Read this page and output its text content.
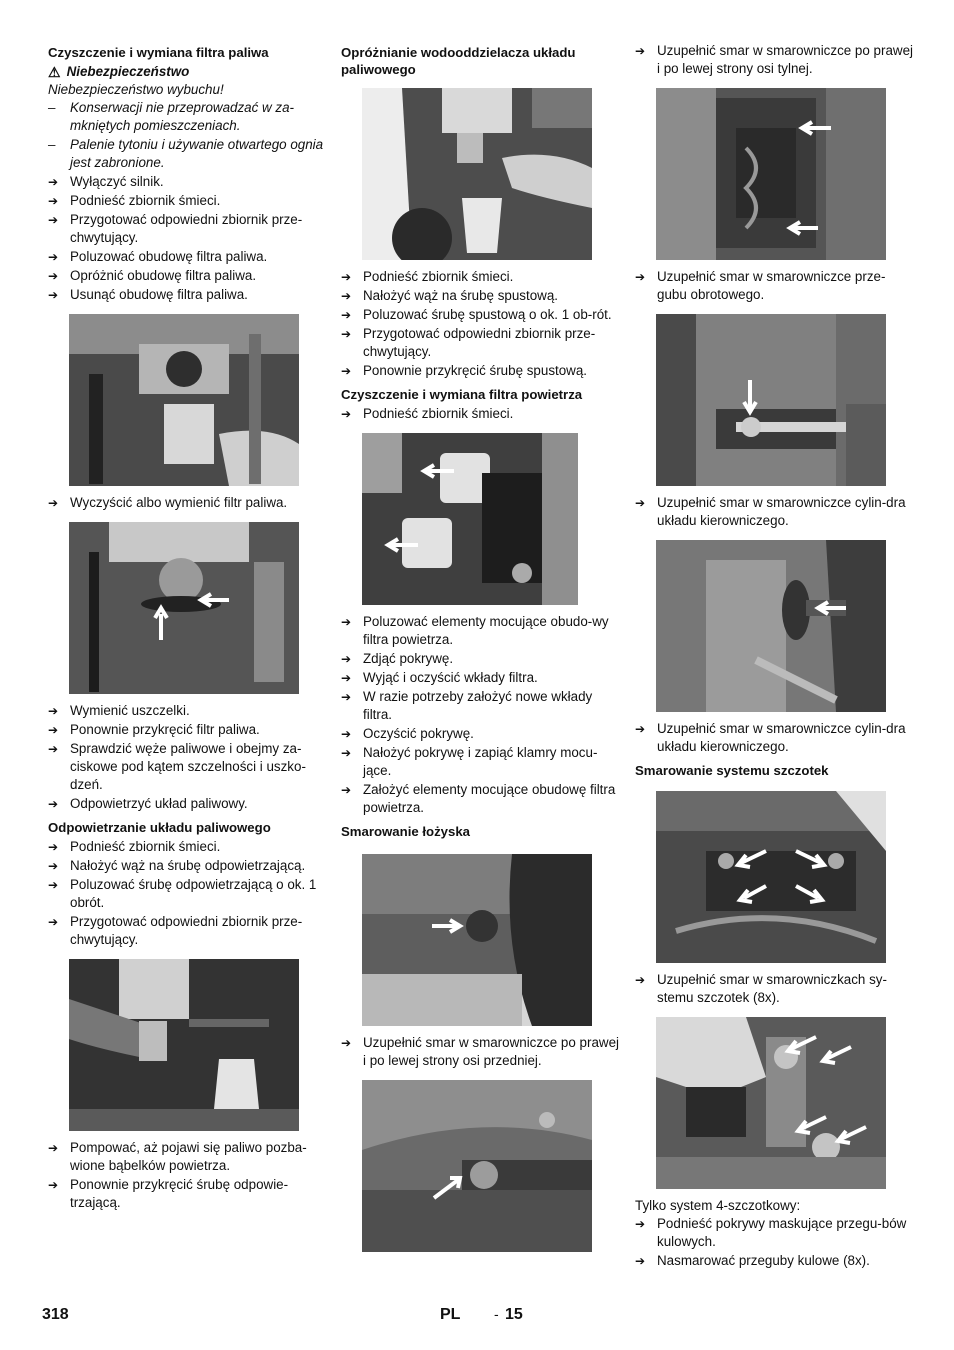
Czyszczenie i wymiana filtra paliwa
⚠ Niebezpieczeństwo
Niebezpieczeństwo wybuchu!
–	Konserwacji nie przeprowadzać w za-mkniętych pomieszczeniach.
–	Palenie tytoniu i używanie otwartego ognia jest zabronione.
➔ Wyłączyć silnik.
➔ Podnieść zbiornik śmieci.
➔ Przygotować odpowiedni zbiornik prze-chwytujący.
➔ Poluzować obudowę filtra paliwa.
➔ Opróżnić obudowę filtra paliwa.
➔ Usunąć obudowę filtra paliwa.
➔ Wyczyścić albo wymienić filtr paliwa.
➔ Wymienić uszczelki.
➔ Ponownie przykręcić filtr paliwa.
➔ Sprawdzić węże paliwowe i obejmy za-ciskowe pod kątem szczelności i uszko-dzeń.
➔ Odpowietrzyć układ paliwowy.
Odpowietrzanie układu paliwowego
➔ Podnieść zbiornik śmieci.
➔ Nałożyć wąż na śrubę odpowietrzającą.
➔ Poluzować śrubę odpowietrzającą o ok. 1 obrót.
➔ Przygotować odpowiedni zbiornik prze-chwytujący.
➔ Pompować, aż pojawi się paliwo pozba-wione bąbelków powietrza.
➔ Ponownie przykręcić śrubę odpowie-trzającą.
Opróżnianie wodooddzielacza układu paliwowego
➔ Podnieść zbiornik śmieci.
➔ Nałożyć wąż na śrubę spustową.
➔ Poluzować śrubę spustową o ok. 1 ob-rót.
➔ Przygotować odpowiedni zbiornik prze-chwytujący.
➔ Ponownie przykręcić śrubę spustową.
Czyszczenie i wymiana filtra powietrza
➔ Podnieść zbiornik śmieci.
➔ Poluzować elementy mocujące obudo-wy filtra powietrza.
➔ Zdjąć pokrywę.
➔ Wyjąć i oczyścić wkłady filtra.
➔ W razie potrzeby założyć nowe wkłady filtra.
➔ Oczyścić pokrywę.
➔ Nałożyć pokrywę i zapiąć klamry mocu-jące.
➔ Założyć elementy mocujące obudowę filtra powietrza.
Smarowanie łożyska
➔ Uzupełnić smar w smarowniczce po prawej i po lewej strony osi przedniej.
➔ Uzupełnić smar w smarowniczce po prawej i po lewej strony osi tylnej.
➔ Uzupełnić smar w smarowniczce prze-gubu obrotowego.
➔ Uzupełnić smar w smarowniczce cylin-dra układu kierowniczego.
➔ Uzupełnić smar w smarowniczce cylin-dra układu kierowniczego.
Smarowanie systemu szczotek
➔ Uzupełnić smar w smarowniczkach sy-stemu szczotek (8x).
Tylko system 4-szczotkowy:
➔ Podnieść pokrywy maskujące przegu-bów kulowych.
➔ Nasmarować przeguby kulowe (8x).
318	PL - 15
